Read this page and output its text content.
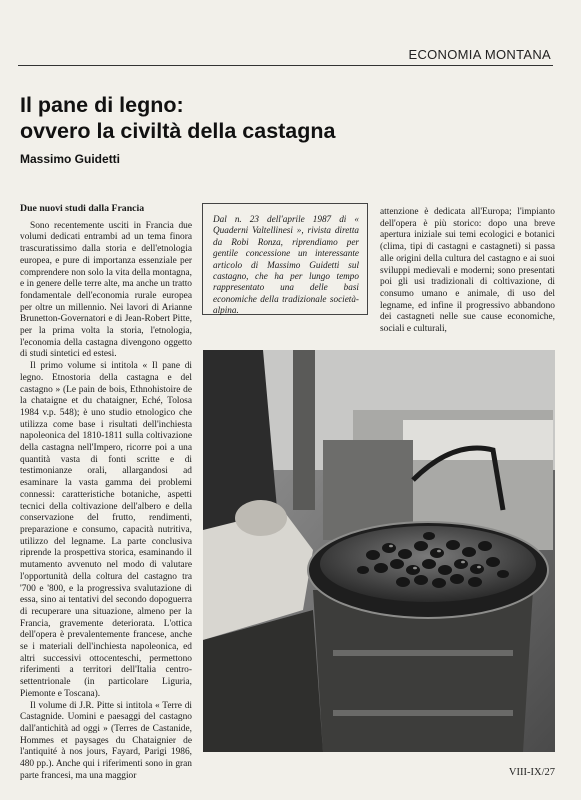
ECONOMIA MONTANA
Il pane di legno:
ovvero la civiltà della castagna
Massimo Guidetti
Due nuovi studi dalla Francia

Sono recentemente usciti in Francia due volumi dedicati entrambi ad un tema finora trascuratissimo dalla storia e dell'etnologia europea, e pure di importanza essenziale per comprendere non solo la vita della montagna, e in genere delle terre alte, ma anche un tratto fondamentale dell'economia rurale europea per oltre un millennio. Nei lavori di Arianne Brunetton-Governatori e di Jean-Robert Pitte, per la prima volta la storia, l'etnologia, l'economia della castagna divengono oggetto di studi sintetici ed estesi.

Il primo volume si intitola « Il pane di legno. Etnostoria della castagna e del castagno » (Le pain de bois, Ethnohistoire de la chataigne et du chataigner, Eché, Tolosa 1984 v.p. 548); è uno studio etnologico che utilizza come base i risultati dell'inchiesta napoleonica del 1810-1811 sulla coltivazione della castagna nell'Impero, ricorre poi a una quantità vasta di fonti scritte e di testimonianze orali, allargandosi ad esaminare la vasta gamma dei problemi connessi: caratteristiche botaniche, aspetti tecnici della coltivazione dell'albero e della conservazione del frutto, rendimenti, preparazione e consumo, capacità nutritiva, utilizzo del legname. La parte conclusiva riprende la prospettiva storica, esaminando il mutamento avvenuto nel modo di valutare l'opportunità della coltura del castagno tra '700 e '800, e la progressiva svalutazione di essa, sino ai tentativi del secondo dopoguerra di recuperare una situazione, almeno per la Francia, gravemente deteriorata. L'ottica dell'opera è prevalentemente francese, anche se i materiali dell'inchiesta napoleonica, ed altri successivi ottocenteschi, permettono riferimenti a territori dell'Italia centro-settentrionale (in particolare Liguria, Piemonte e Toscana).

Il volume di J.R. Pitte si intitola « Terre di Castagnide. Uomini e paesaggi del castagno dall'antichità ad oggi » (Terres de Castanide, Hommes et paysages du Chataignier de l'antiquité à nos jours, Fayard, Parigi 1986, 480 pp.). Anche qui i riferimenti sono in gran parte francesi, ma una maggior

Dal n. 23 dell'aprile 1987 di « Quaderni Valtellinesi », rivista diretta da Robi Ronza, riprendiamo per gentile concessione un interessante articolo di Massimo Guidetti sul castagno, che ha per lungo tempo rappresentato una delle basi economiche della tradizionale società-alpina.
attenzione è dedicata all'Europa; l'impianto dell'opera è più storico: dopo una breve apertura iniziale sui temi ecologici e botanici (clima, tipi di castagni e castagneti) si passa alle origini della cultura del castagno e ai suoi sviluppi medievali e moderni; sono presentati poi gli usi tradizionali di coltivazione, di consumo umano e animale, di uso del legname, ed infine il progressivo abbandono dei castagneti nelle sue cause economiche, sociali e culturali,
VIII-IX/27
